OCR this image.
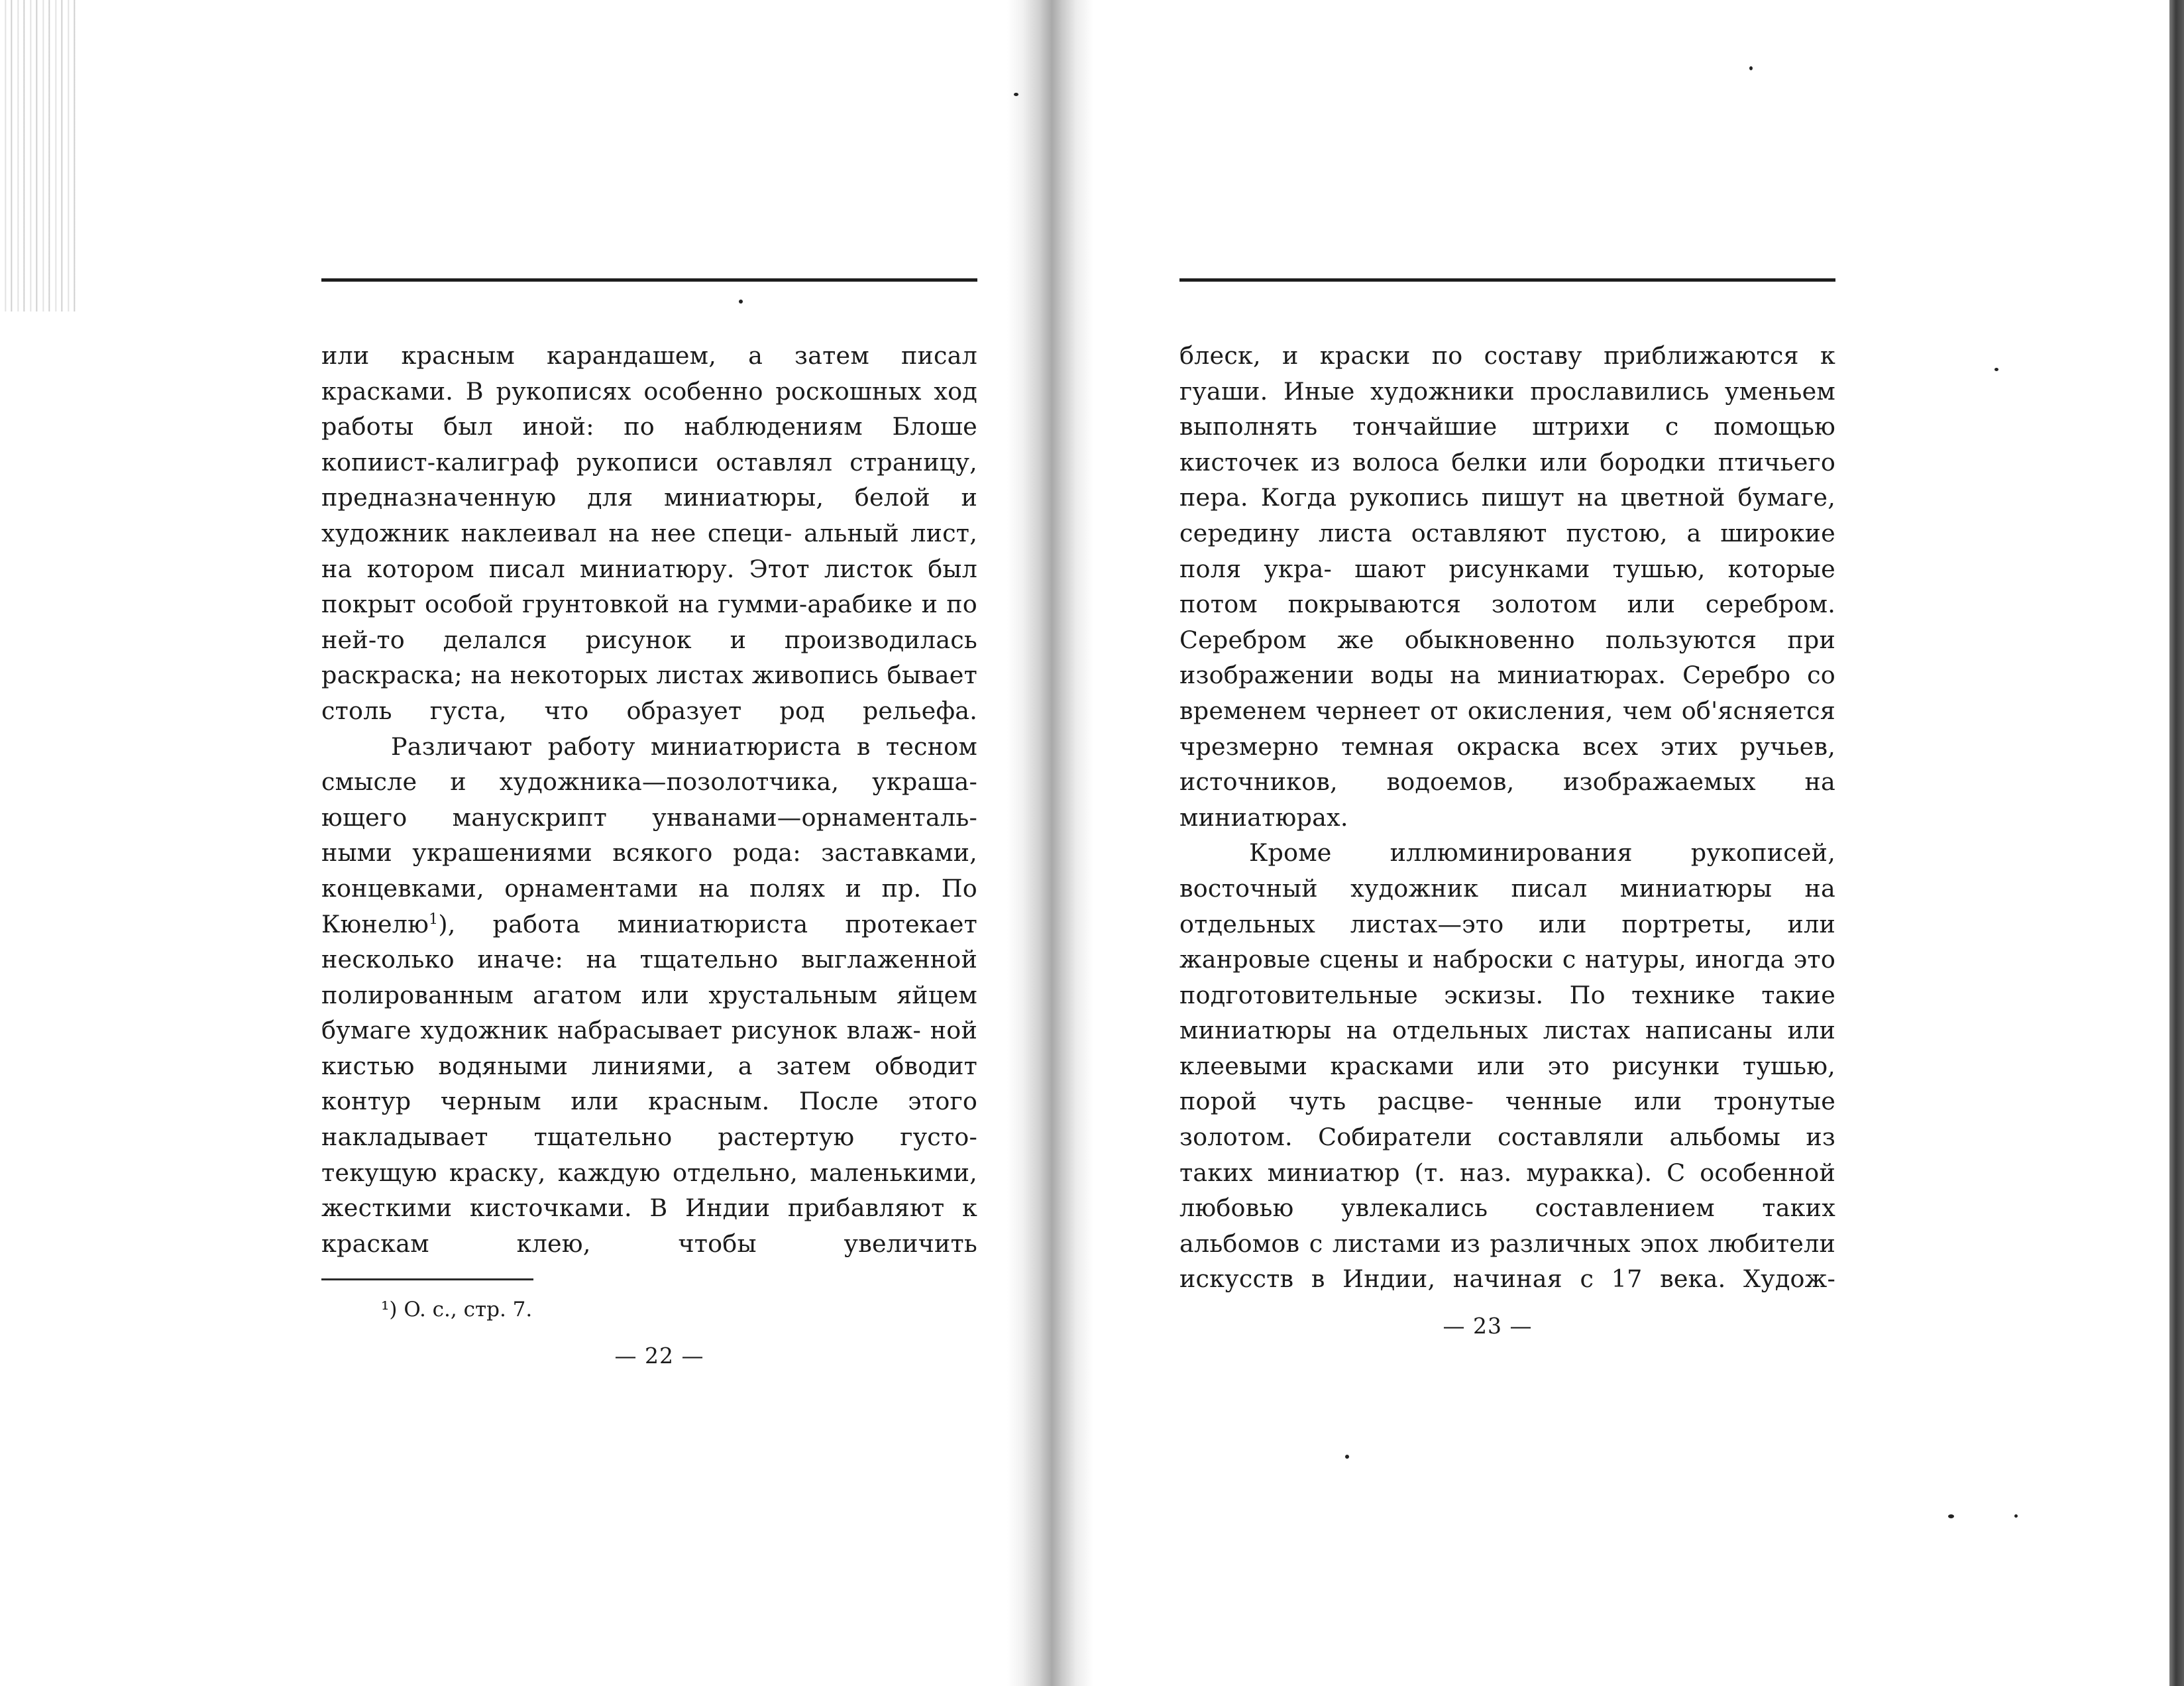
или красным карандашем, а затем писал красками. В рукописях особенно роскошных ход работы был иной: по наблюдениям Блоше копиист-калиграф рукописи оставлял страницу, предназначенную для миниатюры, белой и художник наклеивал на нее специ- альный лист, на котором писал миниатюру. Этот листок был покрыт особой грунтовкой на гумми-арабике и по ней-то делался рисунок и производилась раскраска; на некоторых листах живопись бывает столь густа, что образует род рельефа.

Различают работу миниатюриста в тесном смысле и художника—позолотчика, украша- ющего манускрипт унванами—орнаменталь- ными украшениями всякого рода: заставками, концевками, орнаментами на полях и пр. По Кюнелю$^1$), работа миниатюриста протекает несколько иначе: на тщательно выглаженной полированным агатом или хрустальным яйцем бумаге художник набрасывает рисунок влаж- ной кистью водяными линиями, а затем обводит контур черным или красным. После этого накладывает тщательно растертую густо-текущую краску, каждую отдельно, маленькими, жесткими кисточками. В Индии прибавляют к краскам клею, чтобы увеличить

¹) O. c., стр. 7.
— 22 —

блеск, и краски по составу приближаются к гуаши. Иные художники прославились уменьем выполнять тончайшие штрихи с помощью кисточек из волоса белки или бородки птичьего пера. Когда рукопись пишут на цветной бумаге, середину листа оставляют пустою, а широкие поля укра- шают рисунками тушью, которые потом покрываются золотом или серебром. Серебром же обыкновенно пользуются при изображении воды на миниатюрах. Серебро со временем чернеет от окисления, чем об'ясняется чрезмерно темная окраска всех этих ручьев, источников, водоемов, изображаемых на миниатюрах.

Кроме иллюминирования рукописей, восточный художник писал миниатюры на отдельных листах—это или портреты, или жанровые сцены и наброски с натуры, иногда это подготовительные эскизы. По технике такие миниатюры на отдельных листах написаны или клеевыми красками или это рисунки тушью, порой чуть расцве- ченные или тронутые золотом. Собиратели составляли альбомы из таких миниатюр (т. наз. муракка). С особенной любовью увлекались составлением таких альбомов с листами из различных эпох любители искусств в Индии, начиная с 17 века. Худож-

— 23 —
